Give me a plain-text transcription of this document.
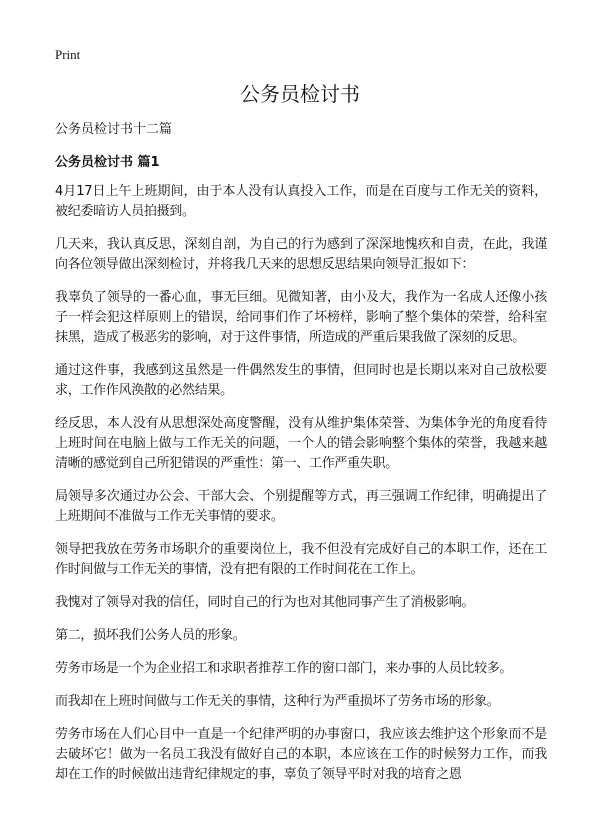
Print
公务员检讨书
公务员检讨书十二篇
公务员检讨书 篇1

4月17日上午上班期间，由于本人没有认真投入工作，而是在百度与工作无关的资料，被纪委暗访人员拍摄到。

几天来，我认真反思，深刻自剖，为自己的行为感到了深深地愧疚和自责，在此，我谨向各位领导做出深刻检讨，并将我几天来的思想反思结果向领导汇报如下：

我辜负了领导的一番心血，事无巨细。见微知著，由小及大，我作为一名成人还像小孩子一样会犯这样原则上的错误，给同事们作了坏榜样，影响了整个集体的荣誉，给科室抹黑，造成了极恶劣的影响，对于这件事情，所造成的严重后果我做了深刻的反思。

通过这件事，我感到这虽然是一件偶然发生的事情，但同时也是长期以来对自己放松要求，工作作风涣散的必然结果。

经反思，本人没有从思想深处高度警醒，没有从维护集体荣誉、为集体争光的角度看待上班时间在电脑上做与工作无关的问题，一个人的错会影响整个集体的荣誉，我越来越清晰的感觉到自己所犯错误的严重性：第一、工作严重失职。

局领导多次通过办公会、干部大会、个别提醒等方式，再三强调工作纪律，明确提出了上班期间不准做与工作无关事情的要求。

领导把我放在劳务市场职介的重要岗位上，我不但没有完成好自己的本职工作，还在工作时间做与工作无关的事情，没有把有限的工作时间花在工作上。

我愧对了领导对我的信任，同时自己的行为也对其他同事产生了消极影响。

第二，损坏我们公务人员的形象。

劳务市场是一个为企业招工和求职者推荐工作的窗口部门，来办事的人员比较多。

而我却在上班时间做与工作无关的事情，这种行为严重损坏了劳务市场的形象。

劳务市场在人们心目中一直是一个纪律严明的办事窗口，我应该去维护这个形象而不是去破坏它！做为一名员工我没有做好自己的本职，本应该在工作的时候努力工作，而我却在工作的时候做出违背纪律规定的事，辜负了领导平时对我的培育之恩
